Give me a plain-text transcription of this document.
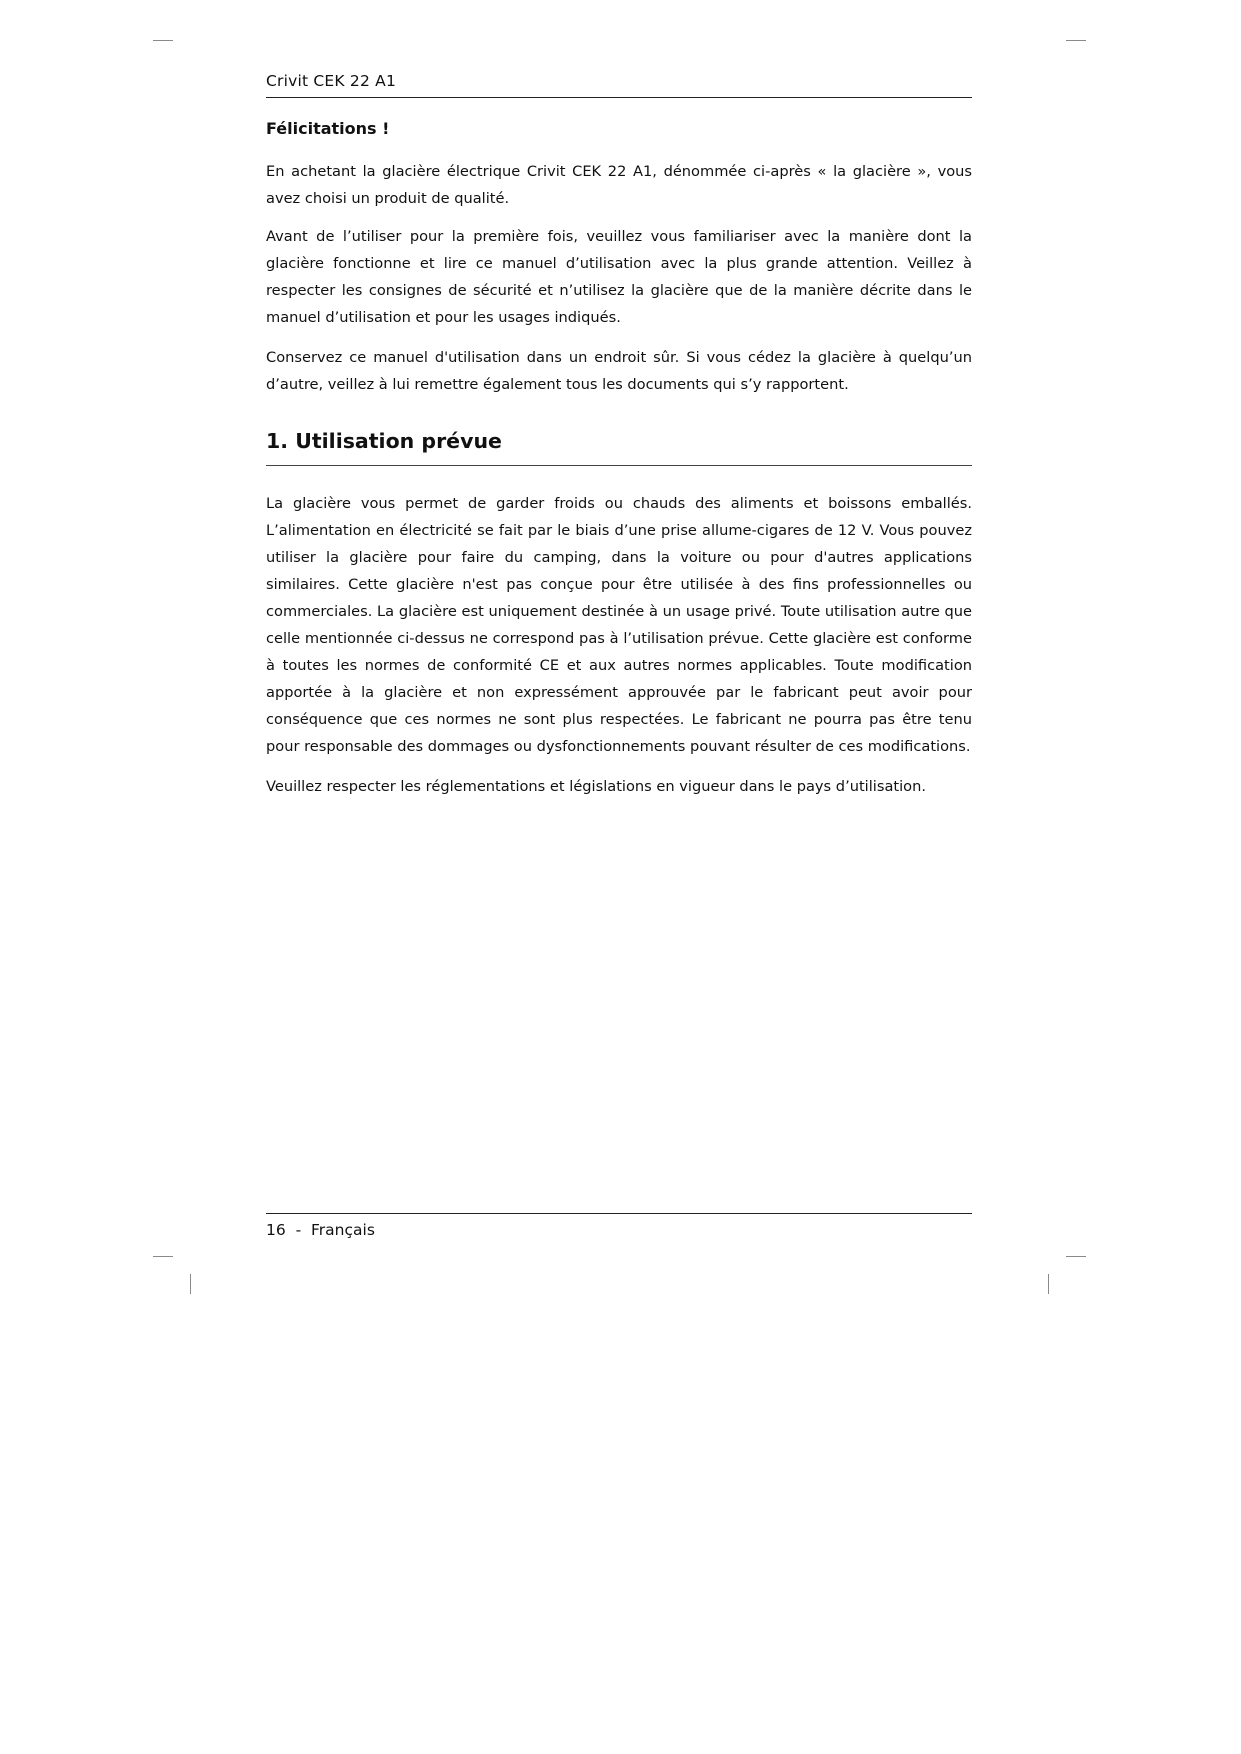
Crivit CEK 22 A1
Félicitations !

En achetant la glacière électrique Crivit CEK 22 A1, dénommée ci-après « la glacière », vous avez choisi un produit de qualité.

Avant de l’utiliser pour la première fois, veuillez vous familiariser avec la manière dont la glacière fonctionne et lire ce manuel d’utilisation avec la plus grande attention. Veillez à respecter les consignes de sécurité et n’utilisez la glacière que de la manière décrite dans le manuel d’utilisation et pour les usages indiqués.

Conservez ce manuel d'utilisation dans un endroit sûr. Si vous cédez la glacière à quelqu’un d’autre, veillez à lui remettre également tous les documents qui s’y rapportent.

1. Utilisation prévue

La glacière vous permet de garder froids ou chauds des aliments et boissons emballés. L’alimentation en électricité se fait par le biais d’une prise allume-cigares de 12 V. Vous pouvez utiliser la glacière pour faire du camping, dans la voiture ou pour d'autres applications similaires. Cette glacière n'est pas conçue pour être utilisée à des fins professionnelles ou commerciales. La glacière est uniquement destinée à un usage privé. Toute utilisation autre que celle mentionnée ci-dessus ne correspond pas à l’utilisation prévue. Cette glacière est conforme à toutes les normes de conformité CE et aux autres normes applicables. Toute modification apportée à la glacière et non expressément approuvée par le fabricant peut avoir pour conséquence que ces normes ne sont plus respectées. Le fabricant ne pourra pas être tenu pour responsable des dommages ou dysfonctionnements pouvant résulter de ces modifications.

Veuillez respecter les réglementations et législations en vigueur dans le pays d’utilisation.

16  -  Français
